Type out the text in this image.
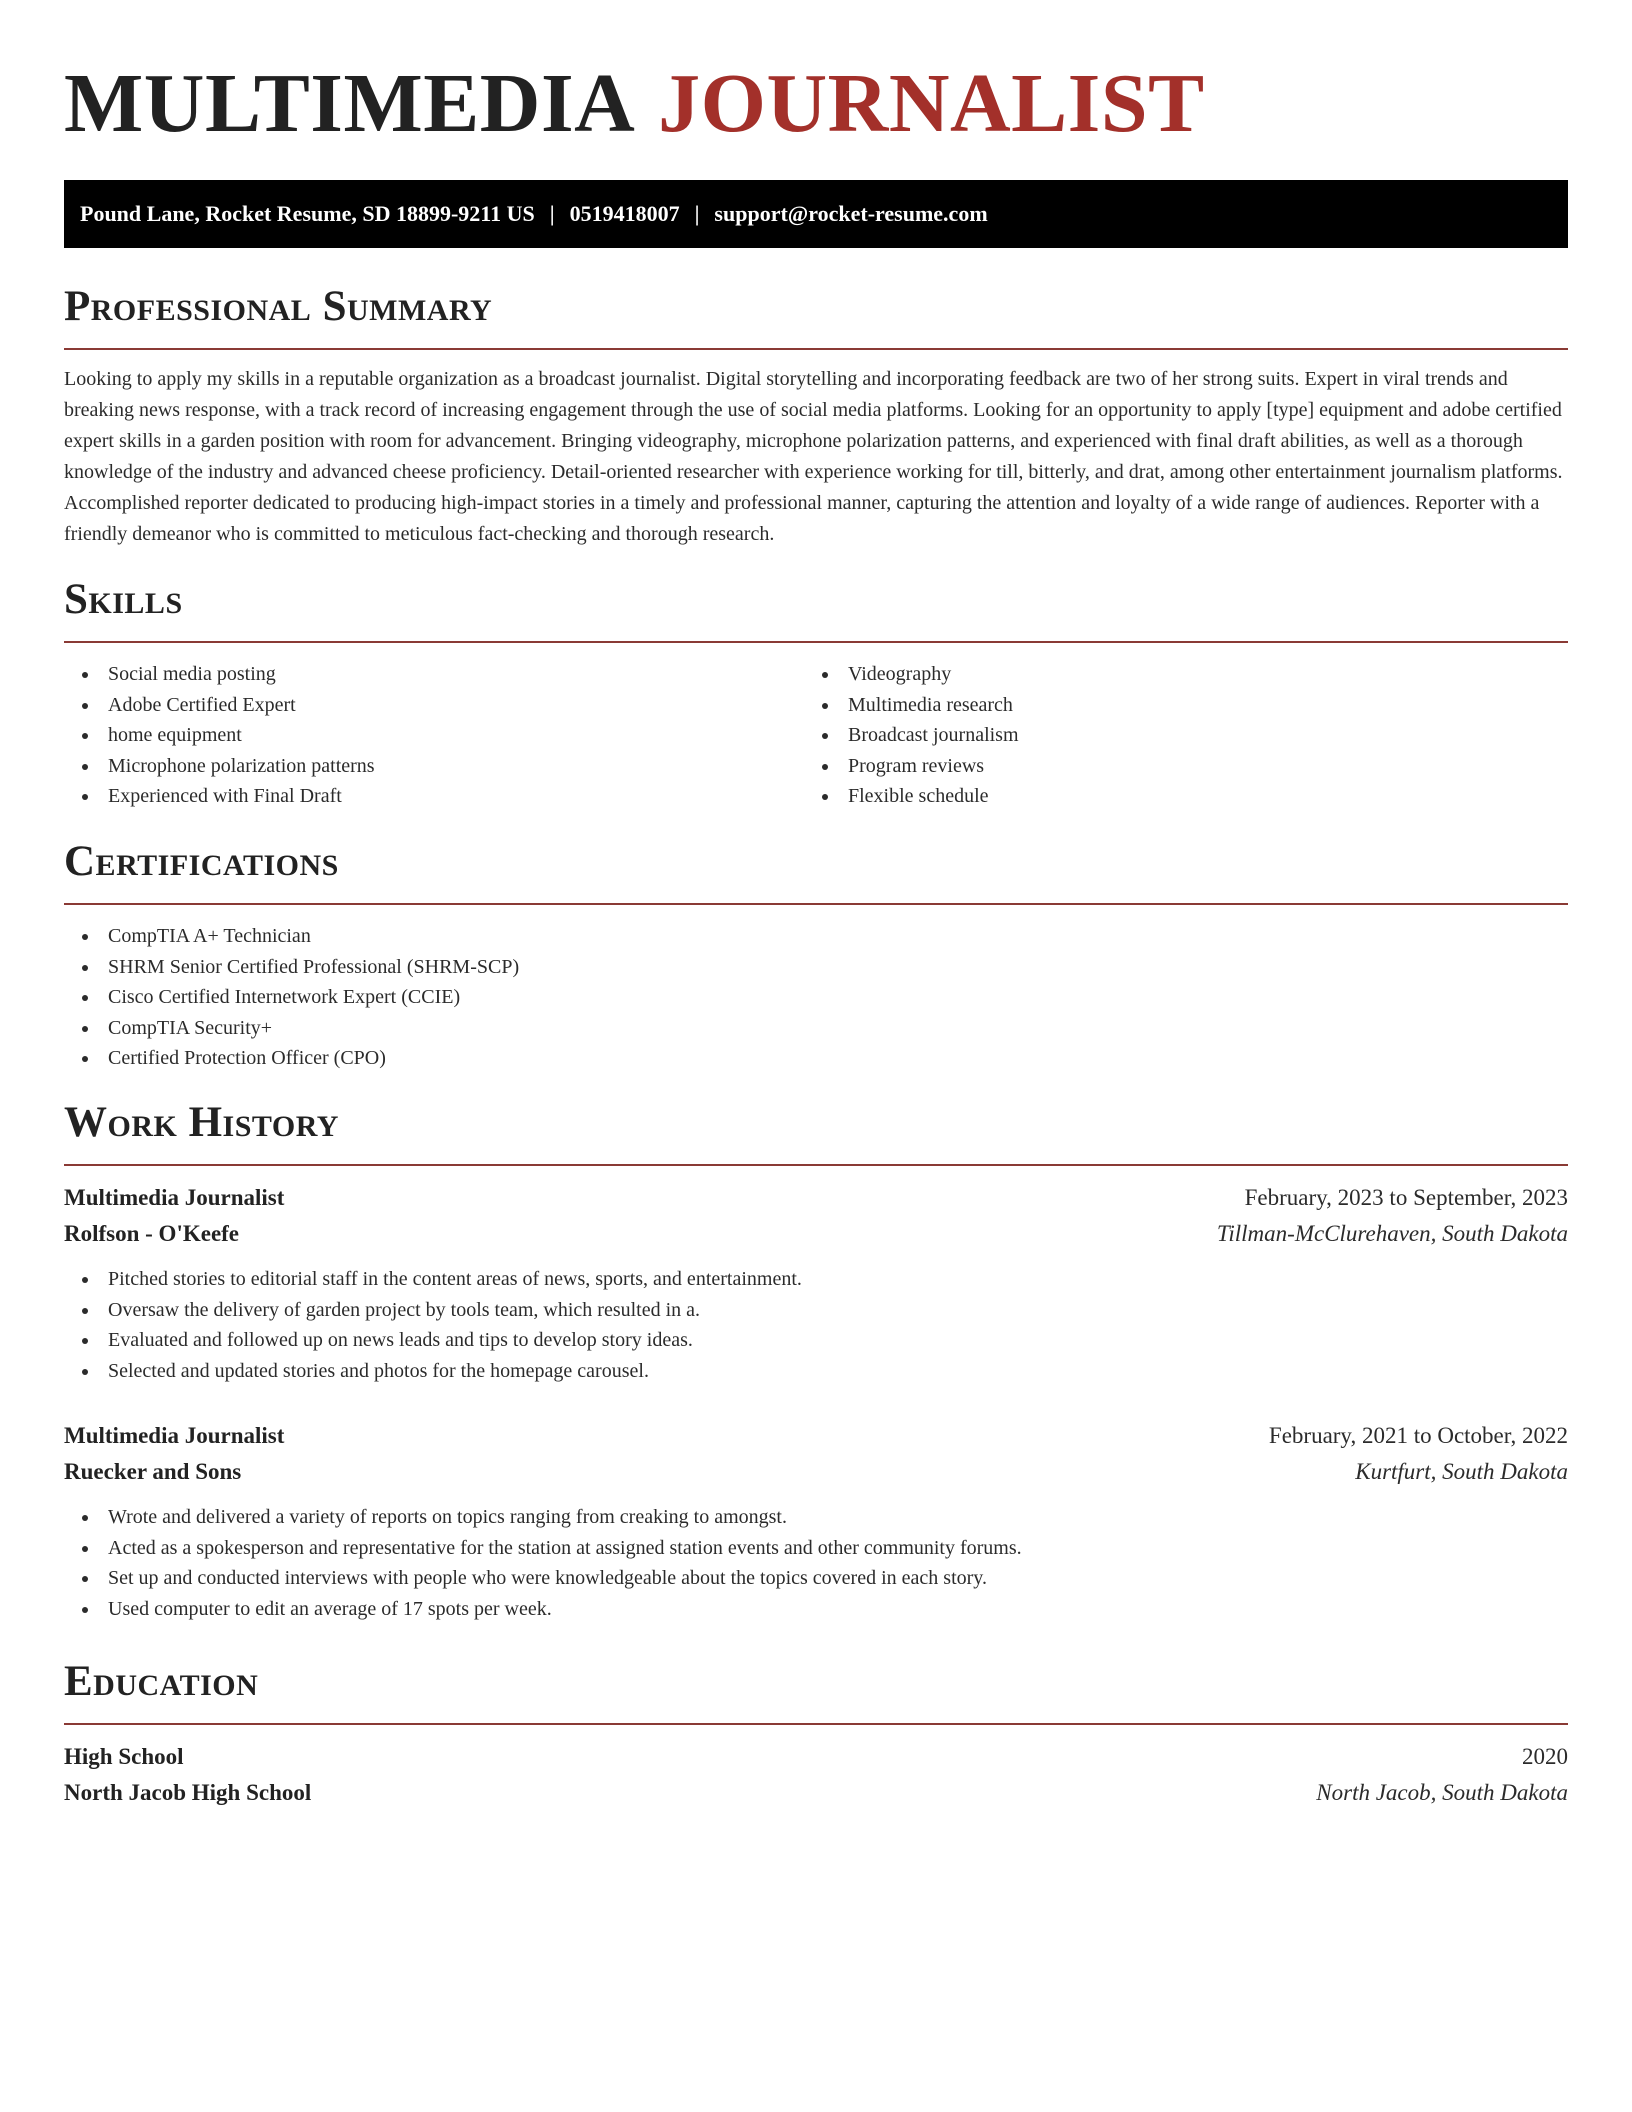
MULTIMEDIA JOURNALIST
Pound Lane, Rocket Resume, SD 18899-9211 US | 0519418007 | support@rocket-resume.com
Professional Summary

Looking to apply my skills in a reputable organization as a broadcast journalist. Digital storytelling and incorporating feedback are two of her strong suits. Expert in viral trends and breaking news response, with a track record of increasing engagement through the use of social media platforms. Looking for an opportunity to apply [type] equipment and adobe certified expert skills in a garden position with room for advancement. Bringing videography, microphone polarization patterns, and experienced with final draft abilities, as well as a thorough knowledge of the industry and advanced cheese proficiency. Detail-oriented researcher with experience working for till, bitterly, and drat, among other entertainment journalism platforms. Accomplished reporter dedicated to producing high-impact stories in a timely and professional manner, capturing the attention and loyalty of a wide range of audiences. Reporter with a friendly demeanor who is committed to meticulous fact-checking and thorough research.

Skills
Social media posting
Adobe Certified Expert
home equipment
Microphone polarization patterns
Experienced with Final Draft
Videography
Multimedia research
Broadcast journalism
Program reviews
Flexible schedule
Certifications
CompTIA A+ Technician
SHRM Senior Certified Professional (SHRM-SCP)
Cisco Certified Internetwork Expert (CCIE)
CompTIA Security+
Certified Protection Officer (CPO)
Work History
Multimedia Journalist	February, 2023 to September, 2023
Rolfson - O'Keefe	Tillman-McClurehaven, South Dakota
Pitched stories to editorial staff in the content areas of news, sports, and entertainment.
Oversaw the delivery of garden project by tools team, which resulted in a.
Evaluated and followed up on news leads and tips to develop story ideas.
Selected and updated stories and photos for the homepage carousel.
Multimedia Journalist	February, 2021 to October, 2022
Ruecker and Sons	Kurtfurt, South Dakota
Wrote and delivered a variety of reports on topics ranging from creaking to amongst.
Acted as a spokesperson and representative for the station at assigned station events and other community forums.
Set up and conducted interviews with people who were knowledgeable about the topics covered in each story.
Used computer to edit an average of 17 spots per week.
Education
High School	2020
North Jacob High School	North Jacob, South Dakota
